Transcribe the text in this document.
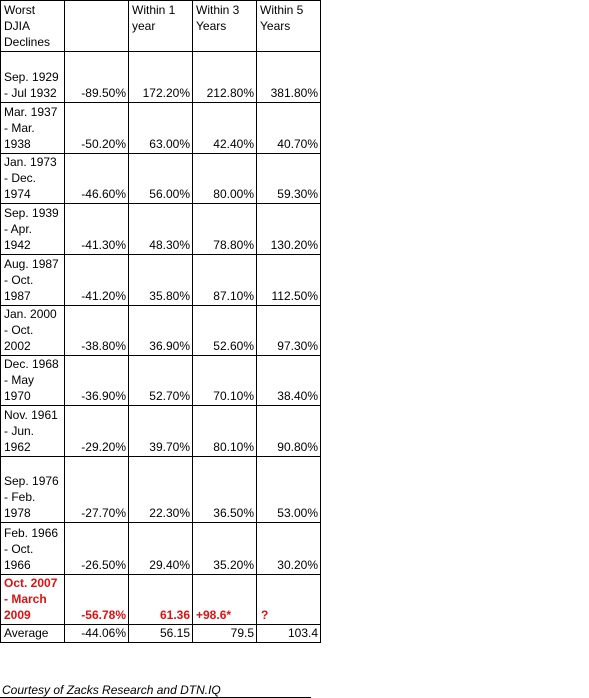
Worst DJIA Declines		Within 1 year	Within 3 Years	Within 5 Years
Sep. 1929 - Jul 1932	-89.50%	172.20%	212.80%	381.80%
Mar. 1937 - Mar. 1938	-50.20%	63.00%	42.40%	40.70%
Jan. 1973 - Dec. 1974	-46.60%	56.00%	80.00%	59.30%
Sep. 1939 - Apr. 1942	-41.30%	48.30%	78.80%	130.20%
Aug. 1987 - Oct. 1987	-41.20%	35.80%	87.10%	112.50%
Jan. 2000 - Oct. 2002	-38.80%	36.90%	52.60%	97.30%
Dec. 1968 - May 1970	-36.90%	52.70%	70.10%	38.40%
Nov. 1961 - Jun. 1962	-29.20%	39.70%	80.10%	90.80%
Sep. 1976 - Feb. 1978	-27.70%	22.30%	36.50%	53.00%
Feb. 1966 - Oct. 1966	-26.50%	29.40%	35.20%	30.20%
Oct. 2007 - March 2009	-56.78%	61.36	+98.6*	?
Average	-44.06%	56.15	79.5	103.4
Courtesy of Zacks Research and DTN.IQ
